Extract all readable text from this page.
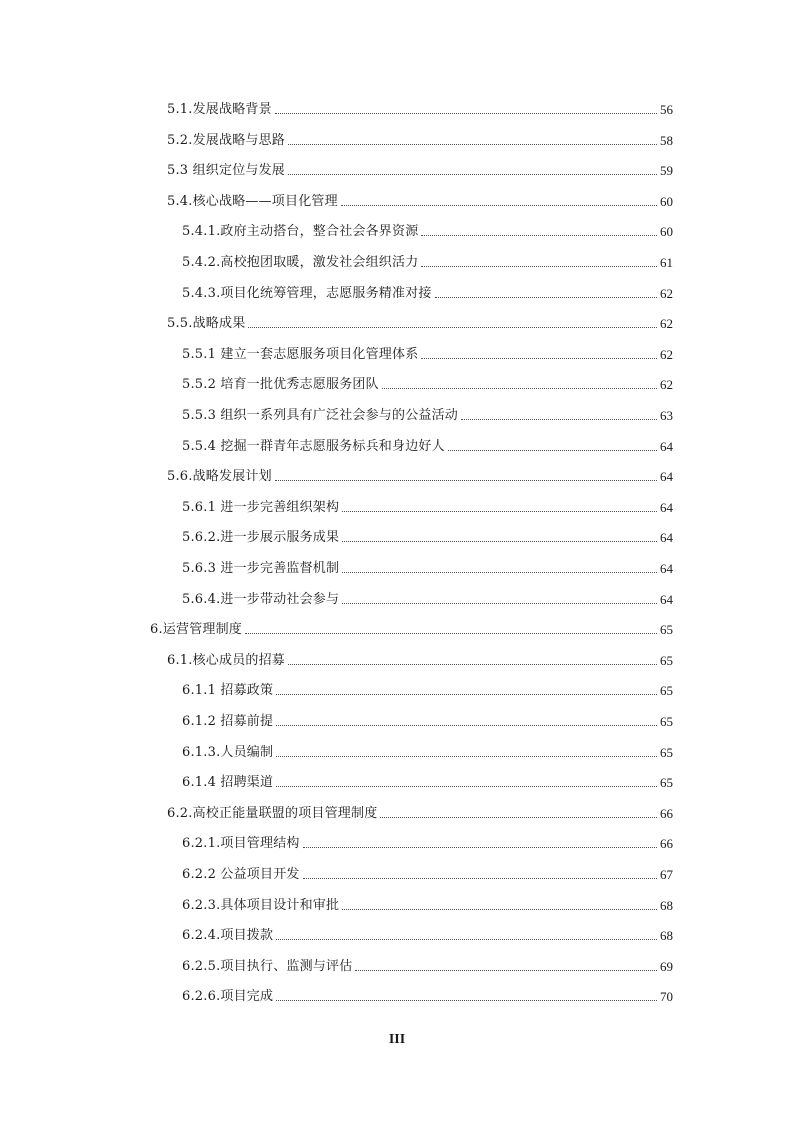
5.1.发展战略背景	56
5.2.发展战略与思路	58
5.3 组织定位与发展	59
5.4.核心战略——项目化管理	60
5.4.1.政府主动搭台，整合社会各界资源	60
5.4.2.高校抱团取暖，激发社会组织活力	61
5.4.3.项目化统筹管理，志愿服务精准对接	62
5.5.战略成果	62
5.5.1 建立一套志愿服务项目化管理体系	62
5.5.2 培育一批优秀志愿服务团队	62
5.5.3 组织一系列具有广泛社会参与的公益活动	63
5.5.4 挖掘一群青年志愿服务标兵和身边好人	64
5.6.战略发展计划	64
5.6.1 进一步完善组织架构	64
5.6.2.进一步展示服务成果	64
5.6.3 进一步完善监督机制	64
5.6.4.进一步带动社会参与	64
6.运营管理制度	65
6.1.核心成员的招募	65
6.1.1 招募政策	65
6.1.2 招募前提	65
6.1.3.人员编制	65
6.1.4 招聘渠道	65
6.2.高校正能量联盟的项目管理制度	66
6.2.1.项目管理结构	66
6.2.2 公益项目开发	67
6.2.3.具体项目设计和审批	68
6.2.4.项目拨款	68
6.2.5.项目执行、监测与评估	69
6.2.6.项目完成	70
III
